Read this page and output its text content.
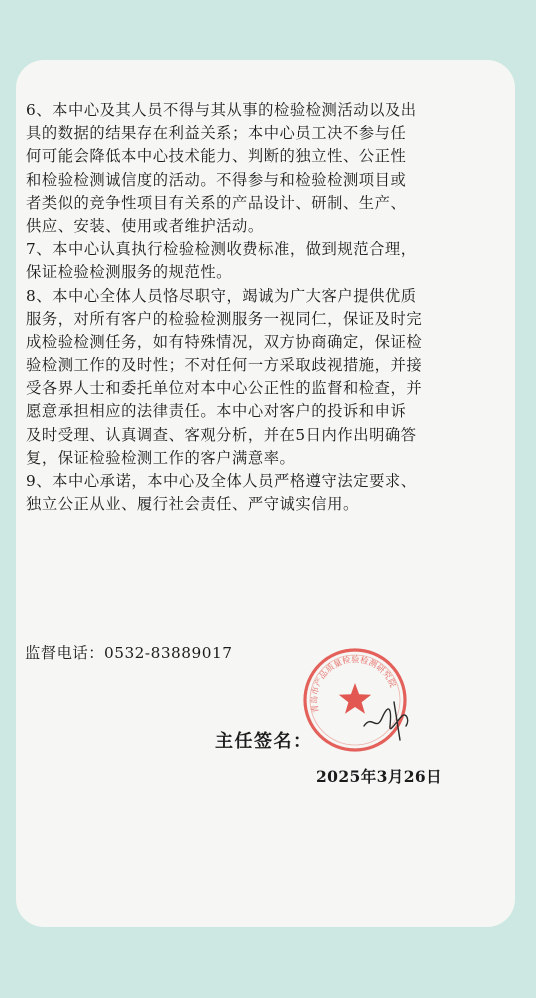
6、本中心及其人员不得与其从事的检验检测活动以及出
具的数据的结果存在利益关系；本中心员工决不参与任
何可能会降低本中心技术能力、判断的独立性、公正性
和检验检测诚信度的活动。不得参与和检验检测项目或
者类似的竞争性项目有关系的产品设计、研制、生产、
供应、安装、使用或者维护活动。
7、本中心认真执行检验检测收费标准，做到规范合理，
保证检验检测服务的规范性。
8、本中心全体人员恪尽职守，竭诚为广大客户提供优质
服务，对所有客户的检验检测服务一视同仁，保证及时完
成检验检测任务，如有特殊情况，双方协商确定，保证检
验检测工作的及时性；不对任何一方采取歧视措施，并接
受各界人士和委托单位对本中心公正性的监督和检查，并
愿意承担相应的法律责任。本中心对客户的投诉和申诉
及时受理、认真调查、客观分析，并在5日内作出明确答
复，保证检验检测工作的客户满意率。
9、本中心承诺，本中心及全体人员严格遵守法定要求、
独立公正从业、履行社会责任、严守诚实信用。
监督电话：0532-83889017
青岛市产品质量检验检测研究院
主任签名：
2025年3月26日
